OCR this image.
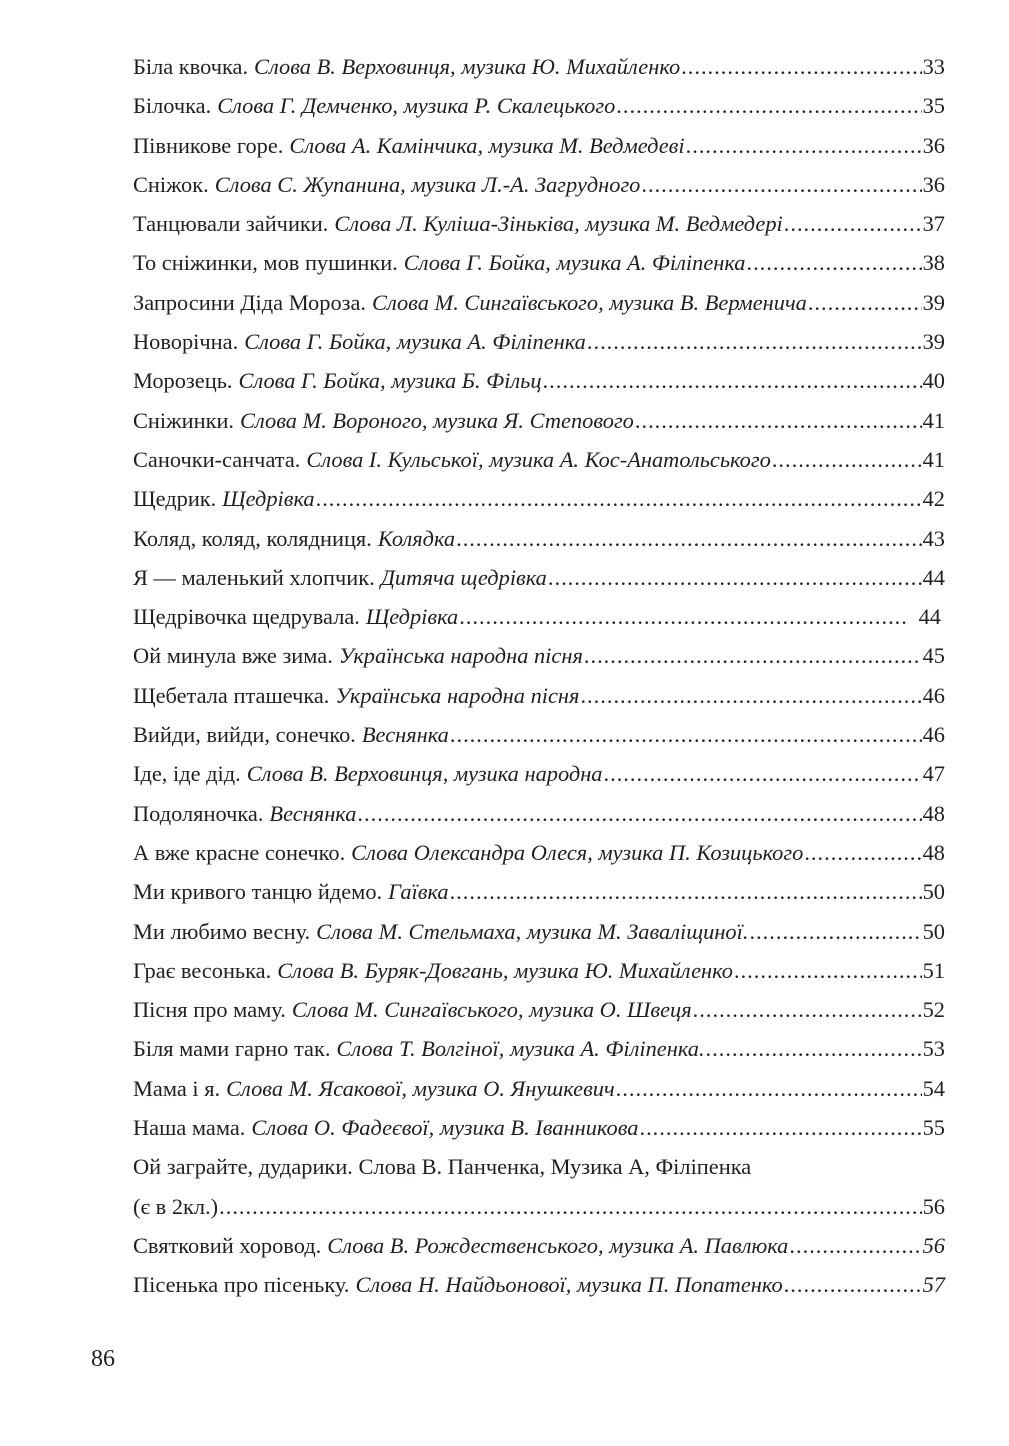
Біла квочка. Слова В. Верховинця, музика Ю. Михайленко .....	33
Білочка. Слова Г. Демченко, музика Р. Скалецького .....	35
Півникове горе. Слова А. Камінчика, музика М. Ведмедеві .....	36
Сніжок. Слова С. Жупанина, музика Л.-А. Загрудного .....	36
Танцювали зайчики. Слова Л. Куліша-Зіньківа, музика М. Ведмедері .....	37
То сніжинки, мов пушинки. Слова Г. Бойка, музика А. Філіпенка .....	38
Запросини Діда Мороза. Слова М. Сингаївського, музика В. Верменича .....	39
Новорічна. Слова Г. Бойка, музика А. Філіпенка .....	39
Морозець. Слова Г. Бойка, музика Б. Фільц .....	40
Сніжинки. Слова М. Вороного, музика Я. Степового .....	41
Саночки-санчата. Слова І. Кульської, музика А. Кос-Анатольського .....	41
Щедрик. Щедрівка .....	42
Коляд, коляд, колядниця. Колядка .....	43
Я — маленький хлопчик. Дитяча щедрівка .....	44
Щедрівочка щедрувала. Щедрівка .....	44
Ой минула вже зима. Українська народна пісня .....	45
Щебетала пташечка. Українська народна пісня .....	46
Вийди, вийди, сонечко. Веснянка .....	46
Іде, іде дід. Слова В. Верховинця, музика народна .....	47
Подоляночка. Веснянка .....	48
А вже красне сонечко. Слова Олександра Олеся, музика П. Козицького .....	48
Ми кривого танцю йдемо. Гаївка .....	50
Ми любимо весну. Слова М. Стельмаха, музика М. Заваліщиної. .....	50
Грає весонька. Слова В. Буряк-Довгань, музика Ю. Михайленко .....	51
Пісня про маму. Слова М. Сингаївського, музика О. Швеця .....	52
Біля мами гарно так. Слова Т. Волгіної, музика А. Філіпенка. .....	53
Мама і я. Слова М. Ясакової, музика О. Янушкевич .....	54
Наша мама. Слова О. Фадеєвої, музика В. Іванникова .....	55
Ой заграйте, дударики. Слова В. Панченка, Музика А, Філіпенка
(є в 2кл.) .....	56
Святковий хоровод. Слова В. Рождественського, музика А. Павлюка .....	56
Пісенька про пісеньку. Слова Н. Найдьонової, музика П. Попатенко .....	57
86
